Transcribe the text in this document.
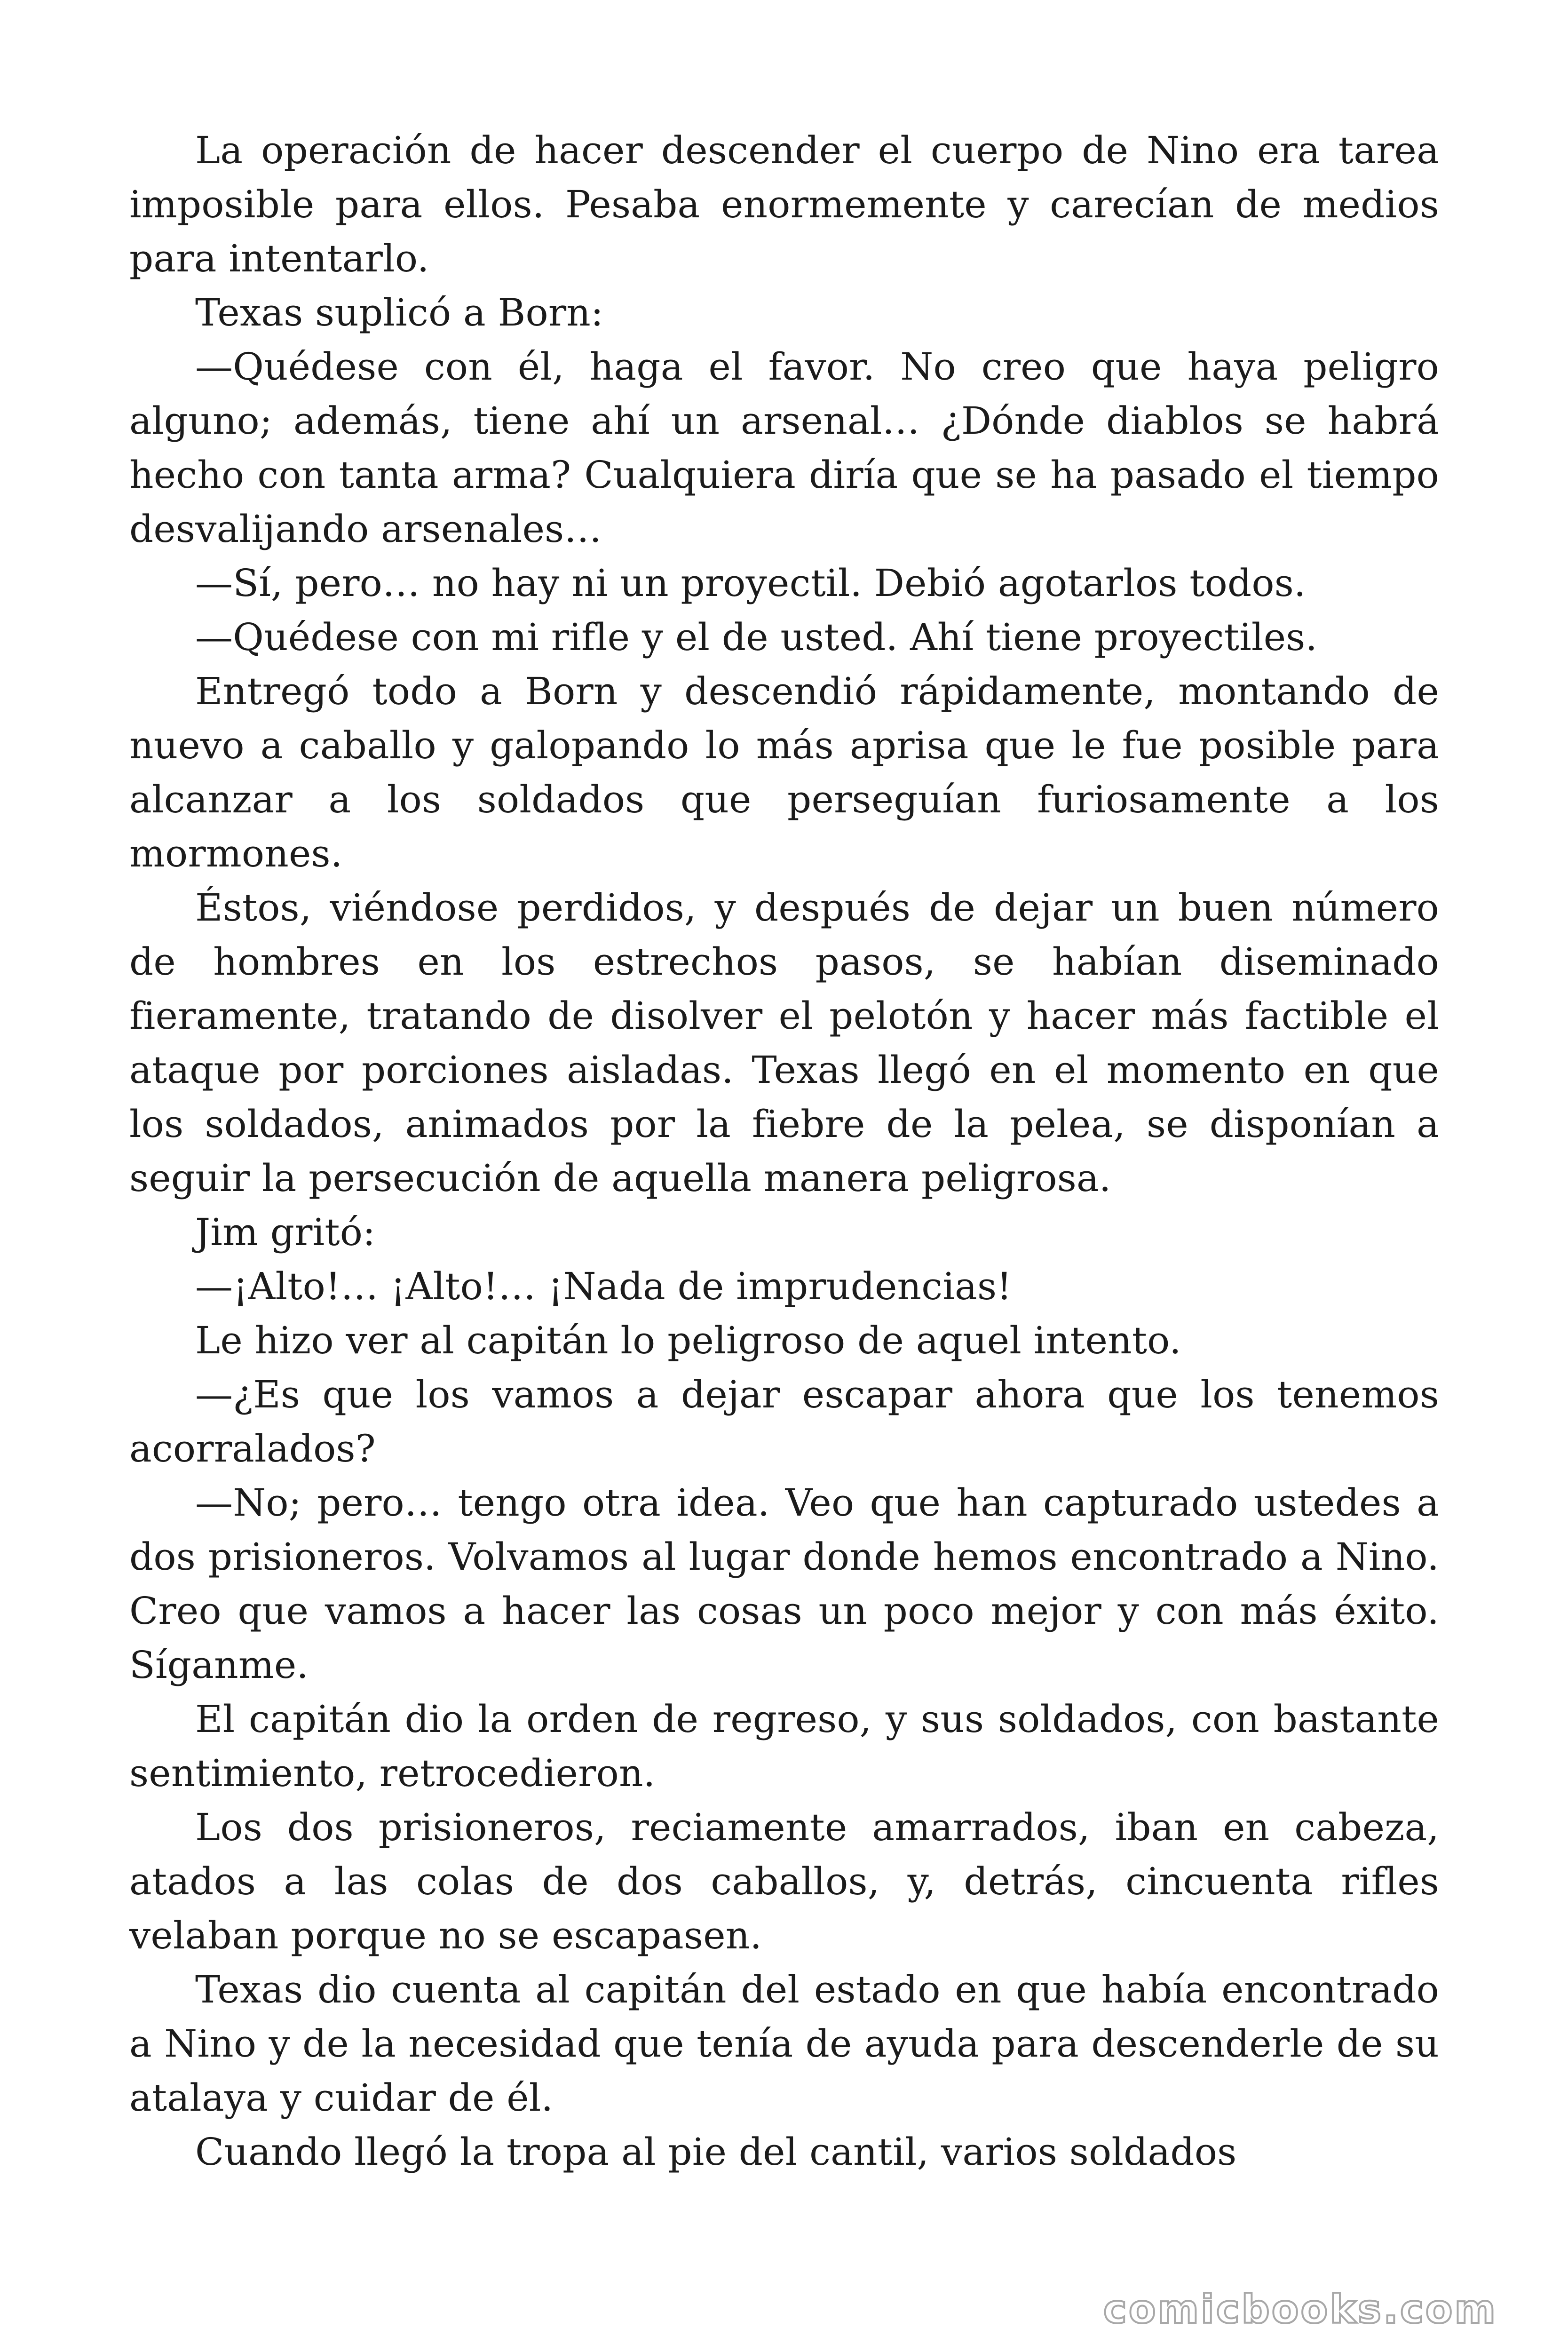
La operación de hacer descender el cuerpo de Nino era tarea imposible para ellos. Pesaba enormemente y carecían de medios para intentarlo.

Texas suplicó a Born:

—Quédese con él, haga el favor. No creo que haya peligro alguno; además, tiene ahí un arsenal… ¿Dónde diablos se habrá hecho con tanta arma? Cualquiera diría que se ha pasado el tiempo desvalijando arsenales…

—Sí, pero… no hay ni un proyectil. Debió agotarlos todos.

—Quédese con mi rifle y el de usted. Ahí tiene proyectiles.

Entregó todo a Born y descendió rápidamente, montando de nuevo a caballo y galopando lo más aprisa que le fue posible para alcanzar a los soldados que perseguían furiosamente a los mormones.

Éstos, viéndose perdidos, y después de dejar un buen número de hombres en los estrechos pasos, se habían diseminado fieramente, tratando de disolver el pelotón y hacer más factible el ataque por porciones aisladas. Texas llegó en el momento en que los soldados, animados por la fiebre de la pelea, se disponían a seguir la persecución de aquella manera peligrosa.

Jim gritó:

—¡Alto!… ¡Alto!… ¡Nada de imprudencias!

Le hizo ver al capitán lo peligroso de aquel intento.

—¿Es que los vamos a dejar escapar ahora que los tenemos acorralados?

—No; pero… tengo otra idea. Veo que han capturado ustedes a dos prisioneros. Volvamos al lugar donde hemos encontrado a Nino. Creo que vamos a hacer las cosas un poco mejor y con más éxito. Síganme.

El capitán dio la orden de regreso, y sus soldados, con bastante sentimiento, retrocedieron.

Los dos prisioneros, reciamente amarrados, iban en cabeza, atados a las colas de dos caballos, y, detrás, cincuenta rifles velaban porque no se escapasen.

Texas dio cuenta al capitán del estado en que había encontrado a Nino y de la necesidad que tenía de ayuda para descenderle de su atalaya y cuidar de él.

Cuando llegó la tropa al pie del cantil, varios soldados

comicbooks.com
